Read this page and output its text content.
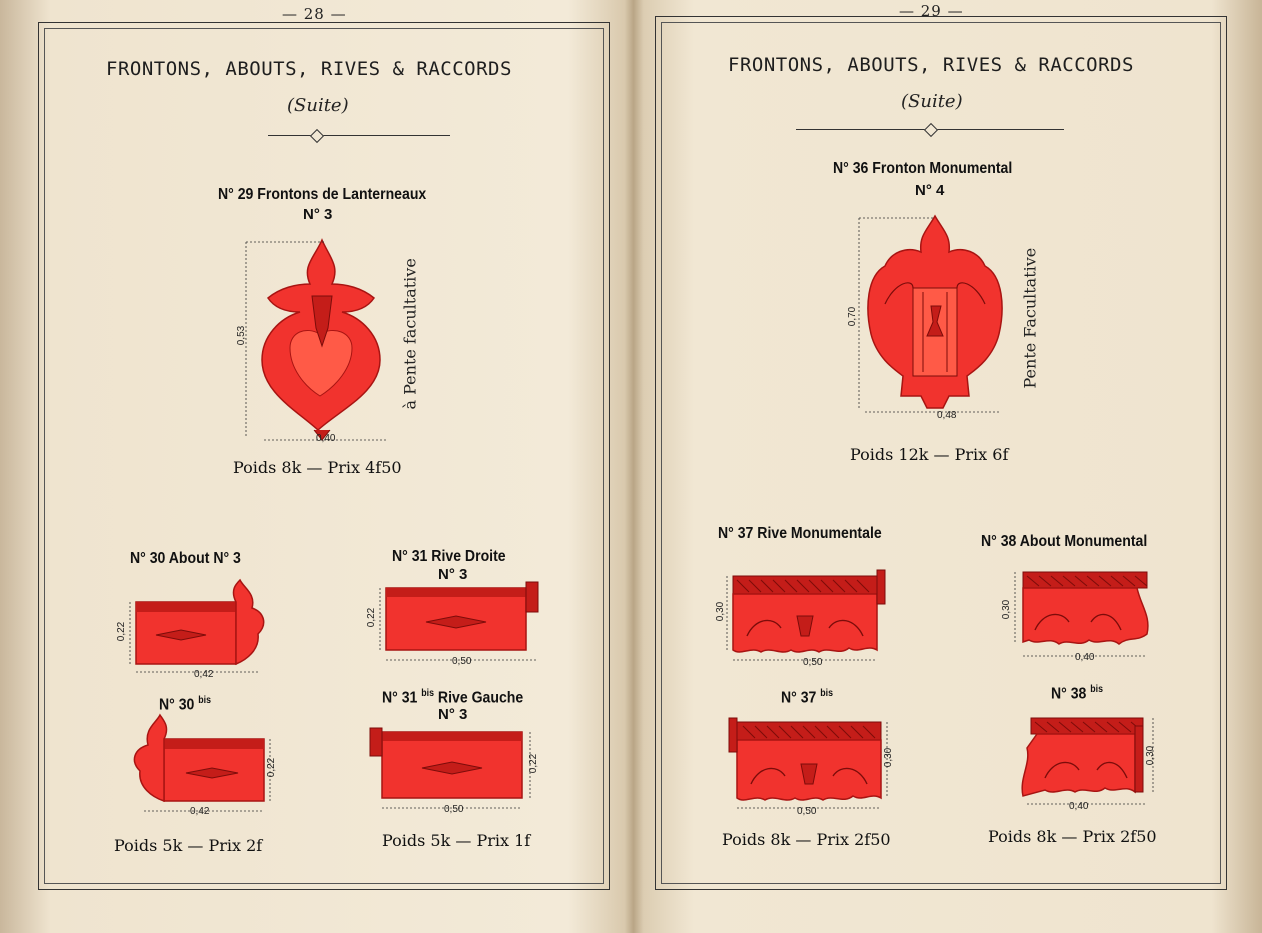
— 28 —
FRONTONS, ABOUTS, RIVES & RACCORDS
(Suite)
N° 29 Frontons de Lanterneaux
N° 3
0,53
0,40
à Pente facultative
Poids 8k — Prix 4f50
N° 30 About N° 3
0,22
0,42
N° 30 $^{bis}$
0,22
0,42
Poids 5k — Prix 2f
N° 31 Rive Droite
N° 3
0,22
0,50
N° 31 $^{bis}$ Rive Gauche
N° 3
0,22
0,50
Poids 5k — Prix 1f
— 29 —
FRONTONS, ABOUTS, RIVES & RACCORDS
(Suite)
N° 36 Fronton Monumental
N° 4
0,70
0,48
Pente Facultative
Poids 12k — Prix 6f
N° 37 Rive Monumentale
0,30
0,50
N° 37 $^{bis}$
0,30
0,50
Poids 8k — Prix 2f50
N° 38 About Monumental
0,30
0,40
N° 38 $^{bis}$
0,30
0,40
Poids 8k — Prix 2f50
